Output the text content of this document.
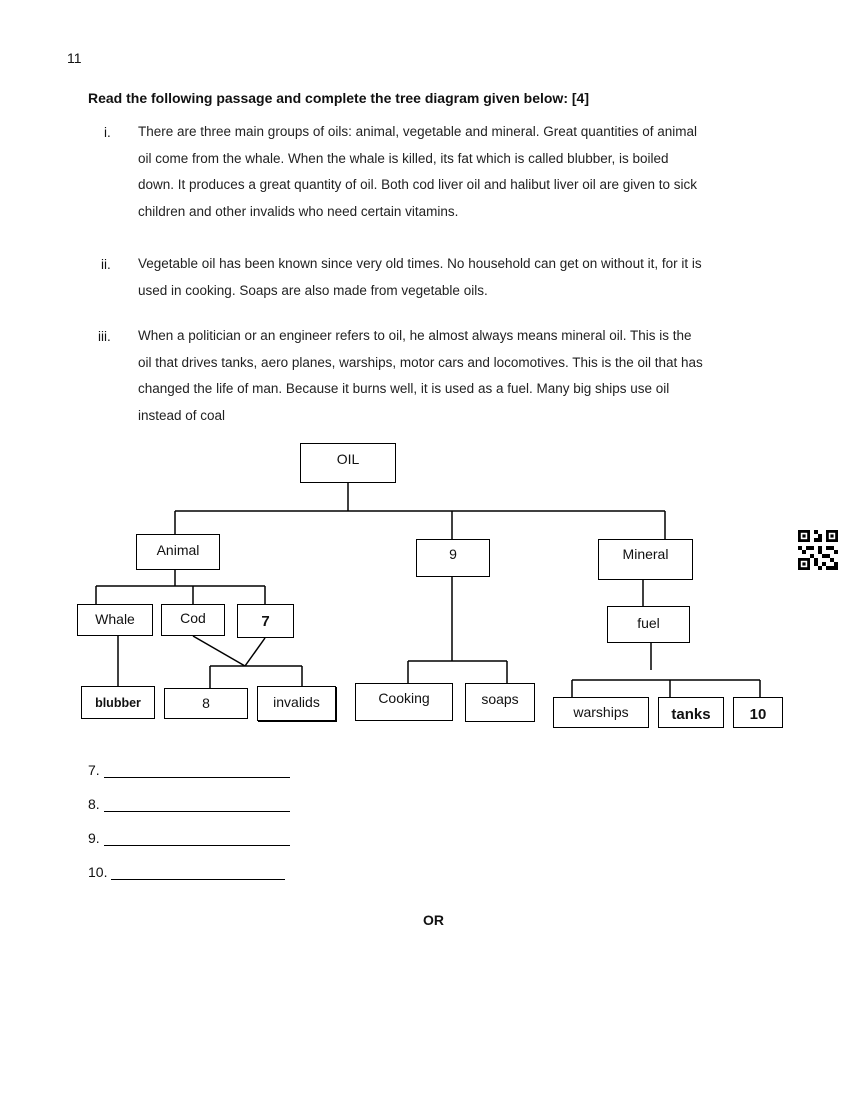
11
Read the following passage and complete the tree diagram given below: [4]
i. There are three main groups of oils: animal, vegetable and mineral. Great quantities of animal
oil come from the whale. When the whale is killed, its fat which is called blubber, is boiled
down. It produces a great quantity of oil. Both cod liver oil and halibut liver oil are given to sick
children and other invalids who need certain vitamins.
ii. Vegetable oil has been known since very old times. No household can get on without it, for it is
used in cooking. Soaps are also made from vegetable oils.
iii. When a politician or an engineer refers to oil, he almost always means mineral oil. This is the
oil that drives tanks, aero planes, warships, motor cars and locomotives. This is the oil that has
changed the life of man. Because it burns well, it is used as a fuel. Many big ships use oil
instead of coal
OIL
Animal	9	Mineral
Whale	Cod	7	fuel
blubber	8	invalids	Cooking	soaps
warships	tanks	10
7.
8.
9.
10.
OR
